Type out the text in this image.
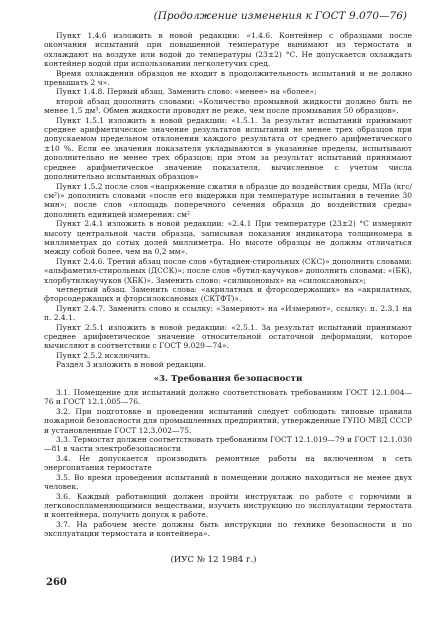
(Продолжение изменения к ГОСТ 9.070—76)

Пункт 1.4.6 изложить в новой редакции: «1.4.6. Контейнер с образцами после окончания испытаний при повышенной температуре вынимают из термостата и охлаждают на воздухе или водой до температуры (23±2) °С. Не допускается охлаждать контейнер водой при использовании легколетучих сред.

Время охлаждения образцов не входит в продолжительность испытаний и не должно превышать 2 ч».

Пункт 1.4.8. Первый абзац. Заменить слово: «менее» на «более»;

второй абзац дополнить словами: «Количество промывной жидкости должно быть не менее 1,5 дм³. Обмен жидкости проводят не реже, чем после промывания 50 образцов».

Пункт 1.5.1 изложить в новой редакции: «1.5.1. За результат испытаний принимают среднее арифметическое значение результатов испытаний не менее трех образцов при допускаемом предельном отклонении каждого результата от среднего арифметического ±10 %. Если ее значения показателя укладываются в указанные пределы, испытывают дополнительно не менее трех образцов; при этом за результат испытаний принимают среднее арифметическое значение показателя, вычисленное с учетом числа дополнительно испытанных образцов»

Пункт 1.5.2 после слов «напряжение сжатия в образце до воздействия среды, МПа (кгс/см²)» дополнить словами «после его выдержки при температуре испытания в течение 30 мин»; после слов «площадь поперечного сечения образца до воздействия среды» дополнить единицей измерения: см²

Пункт 2.4.1 изложить в новой редакции: «2.4.1 При температуре (23±2) °С измеряют высоту центральной части образца, записывая показания индикатора толщиномера в миллиметрах до сотых долей миллиметра. Но высоте образцы не должны отличаться между собой более, чем на 0,2 мм».

Пункт 2.4.6. Третий абзац после слов «бутадиен-стирольных (СКС)» дополнить словами: «альфаметил-стирольных (ДССК)»; после слов «бутил-каучуков» дополнить словами: «(БК), хлорбутилкаучуков (ХБК)». Заменить слово: «силиконовых» на «силоксановых»;

четвертый абзац. Заменить слова: «акрилатных и фторсодержащих» на «акрилатных, фторсодержащих и фторсилоксановых (СКТФТ)».

Пункт 2.4.7. Заменить слово и ссылку: «Замеряют» на «Измеряют», ссылку: п. 2.3.1 на п. 2.4.1.

Пункт 2.5.1 изложить в новой редакции: «2.5.1. За результат испытаний принимают среднее арифметическое значение относительной остаточной деформации, которое вычисляют в соответствии с ГОСТ 9.029—74».

Пункт 2.5.2 исключить.

Раздел 3 изложить в новой редакции.

«3. Требования безопасности

3.1. Помещение для испытаний должно соответствовать требованиям ГОСТ 12.1.004—76 и ГОСТ 12.1.005—76.

3.2. При подготовке и проведении испытаний следует соблюдать типовые правила пожарной безопасности для промышленных предприятий, утвержденные ГУПО МВД СССР и установленные ГОСТ 12.3.002—75.

3.3. Термостат должен соответствовать требованиям ГОСТ 12.1.019—79 и ГОСТ 12.1.030—81 в части электробезопасности

3.4. Не допускается производить ремонтные работы на включенном в сеть энергопитания термостате

3.5. Во время проведения испытаний в помещении должно находиться не менее двух человек.

3.6. Каждый работающий должен пройти инструктаж по работе с горючими и легковоспламеняющимися веществами, изучить инструкцию по эксплуатации термостата и контейнера, получить допуск к работе.

3.7. На рабочем месте должны быть инструкции по технике безопасности и по эксплуатации термостата и контейнера».

(ИУС № 12 1984 г.)
260
